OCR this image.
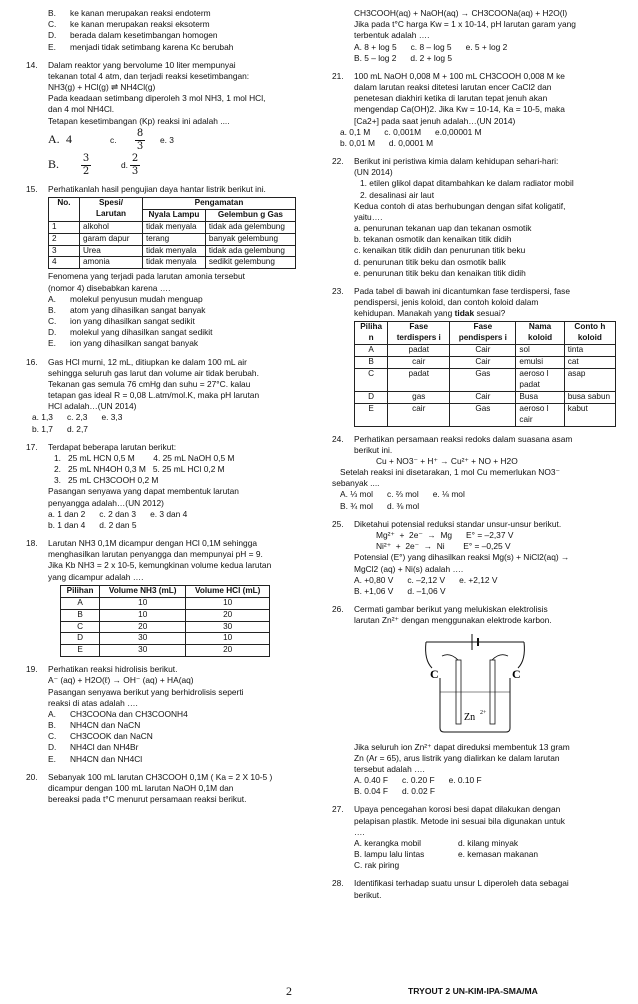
B.	ke kanan merupakan reaksi endoterm
C.	ke kanan merupakan reaksi eksoterm
D.	berada dalam kesetimbangan homogen
E.	menjadi tidak setimbang karena Kc berubah
14.	Dalam reaktor yang bervolume 10 liter mempunyai

tekanan total 4 atm, dan terjadi reaksi kesetimbangan:

NH3(g) + HCl(g) ⇌ NH4Cl(g)

Pada keadaan setimbang diperoleh 3 mol NH3, 1 mol HCl,

dan 4 mol NH4Cl.

Tetapan kesetimbangan (Kp) reaksi ini adalah ....

A. 4	c. $\frac{8}{3} e$. 3
B. $\frac{3}{2}$	d. $\frac{2}{3}$
15.	Perhatikanlah hasil pengujian daya hantar listrik berikut ini.

No.	Spesi/ Larutan	Pengamatan	
		Nyala Lampu	Gelembun g Gas
1	alkohol	tidak menyala	tidak ada gelembung
2	garam dapur	terang	banyak gelembung
3	Urea	tidak menyala	tidak ada gelembung
4	amonia	tidak menyala	sedikit gelembung

Fenomena yang terjadi pada larutan amonia tersebut

(nomor 4) disebabkan karena ….

A.	molekul penyusun mudah menguap
B.	atom yang dihasilkan sangat banyak
C.	ion yang dihasilkan sangat sedikit
D.	molekul yang dihasilkan sangat sedikit
E.	ion yang dihasilkan sangat banyak
16.	Gas HCl murni, 12 mL, ditiupkan ke dalam 100 mL air

sehingga seluruh gas larut dan volume air tidak berubah.

Tekanan gas semula 76 cmHg dan suhu = 27°C. kalau

tetapan gas ideal R = 0,08 L.atm/mol.K, maka pH larutan

HCl adalah…(UN 2014)

a. 1,3 c. 2,3 e. 3,3
b. 1,7 d. 2,7
17.	Terdapat beberapa larutan berikut:

1.   25 mL HCN 0,5 M        4. 25 mL NaOH 0,5 M

2.   25 mL NH4OH 0,3 M   5. 25 mL HCl 0,2 M

3.   25 mL CH3COOH 0,2 M

Pasangan senyawa yang dapat membentuk larutan

penyangga adalah…(UN 2012)

a. 1 dan 2 c. 2 dan 3 e. 3 dan 4
b. 1 dan 4 d. 2 dan 5
18.	Larutan NH3 0,1M dicampur dengan HCl 0,1M sehingga

menghasilkan larutan penyangga dan mempunyai pH = 9.

Jika Kb NH3 = 2 x 10-5, kemungkinan volume kedua larutan

yang dicampur adalah ….

Pilihan	Volume NH3 (mL)	Volume HCl (mL)
A	10	10
B	10	20
C	20	30
D	30	10
E	30	20
19.	Perhatikan reaksi hidrolisis berikut.

A⁻ (aq) + H2O(ℓ) → OH⁻ (aq) + HA(aq)

Pasangan senyawa berikut yang berhidrolisis seperti

reaksi di atas adalah ….

A.	CH3COONa dan CH3COONH4
B.	NH4CN dan NaCN
C.	CH3COOK dan NaCN
D.	NH4Cl dan NH4Br
E.	NH4CN dan NH4Cl
20.	Sebanyak 100 mL larutan CH3COOH 0,1M ( Ka = 2 X 10-5 )

dicampur dengan 100 mL larutan NaOH 0,1M dan

bereaksi pada t°C menurut persamaan reaksi berikut.

CH3COOH(aq) + NaOH(aq) → CH3COONa(aq) + H2O(l)

Jika pada t°C harga Kw = 1 x 10-14, pH larutan garam yang

terbentuk adalah ….

A. 8 + log 5 c. 8 – log 5 e. 5 + log 2
B. 5 – log 2 d. 2 + log 5
21.	100 mL NaOH 0,008 M + 100 mL CH3COOH 0,008 M ke

dalam larutan reaksi ditetesi larutan encer CaCl2 dan

penetesan diakhiri ketika di larutan tepat jenuh akan

mengendap Ca(OH)2. Jika Kw = 10-14, Ka = 10-5, maka

[Ca2+] pada saat jenuh adalah…(UN 2014)

a. 0,1 M c. 0,001M e.0,00001 M
b. 0,01 M d. 0,0001 M
22.	Berikut ini peristiwa kimia dalam kehidupan sehari-hari:

(UN 2014)

1. etilen glikol dapat ditambahkan ke dalam radiator mobil

2. desalinasi air laut

Kedua contoh di atas berhubungan dengan sifat koligatif,

yaitu….

a. penurunan tekanan uap dan tekanan osmotik

b. tekanan osmotik dan kenaikan titik didih

c. kenaikan titik didih dan penurunan titik beku

d. penurunan titik beku dan osmotik balik

e. penurunan titik beku dan kenaikan titik didih

23.	Pada tabel di bawah ini dicantumkan fase terdispersi, fase

pendispersi, jenis koloid, dan contoh koloid dalam

kehidupan. Manakah yang tidak sesuai?

Piliha n	Fase terdispers i	Fase pendispers i	Nama koloid	Conto h koloid
A	padat	Cair	sol	tinta
B	cair	Cair	emulsi	cat
C	padat	Gas	aeroso l padat	asap
D	gas	Cair	Busa	busa sabun
E	cair	Gas	aeroso l cair	kabut
24.	Perhatikan persamaan reaksi redoks dalam suasana asam

berikut ini.

Cu + NO3⁻ + H⁺ → Cu²⁺ + NO + H2O

Setelah reaksi ini disetarakan, 1 mol Cu memerlukan NO3⁻

sebanyak ....

A. ⅓ mol c. ⅔ mol e. ⅛ mol
B. ¾ mol d. ⅜ mol
25.	Diketahui potensial reduksi standar unsur-unsur berikut.

Mg²⁺  +  2e⁻  →  Mg      E° = –2,37 V

Ni²⁺  +  2e⁻  →  Ni        E° = –0,25 V

Potensial (E°) yang dihasilkan reaksi Mg(s) + NiCl2(aq) →

MgCl2 (aq) + Ni(s) adalah ….

A. +0,80 V c. –2,12 V e. +2,12 V
B. +1,06 V d. –1,06 V
26.	Cermati gambar berikut yang melukiskan elektrolisis

larutan Zn²⁺ dengan menggunakan elektrode karbon.

C	C
Zn 2+

Jika seluruh ion Zn²⁺ dapat direduksi membentuk 13 gram

Zn (Ar = 65), arus listrik yang dialirkan ke dalam larutan

tersebut adalah ….

A. 0.40 F c. 0.20 F e. 0.10 F
B. 0.04 F d. 0.02 F
27.	Upaya pencegahan korosi besi dapat dilakukan dengan

pelapisan plastik. Metode ini sesuai bila digunakan untuk

….

A. kerangka mobil	d. kilang minyak
B. lampu lalu lintas	e. kemasan makanan
C. rak piring
28.	Identifikasi terhadap suatu unsur L diperoleh data sebagai

berikut.

2	TRYOUT 2 UN-KIM-IPA-SMA/MA
